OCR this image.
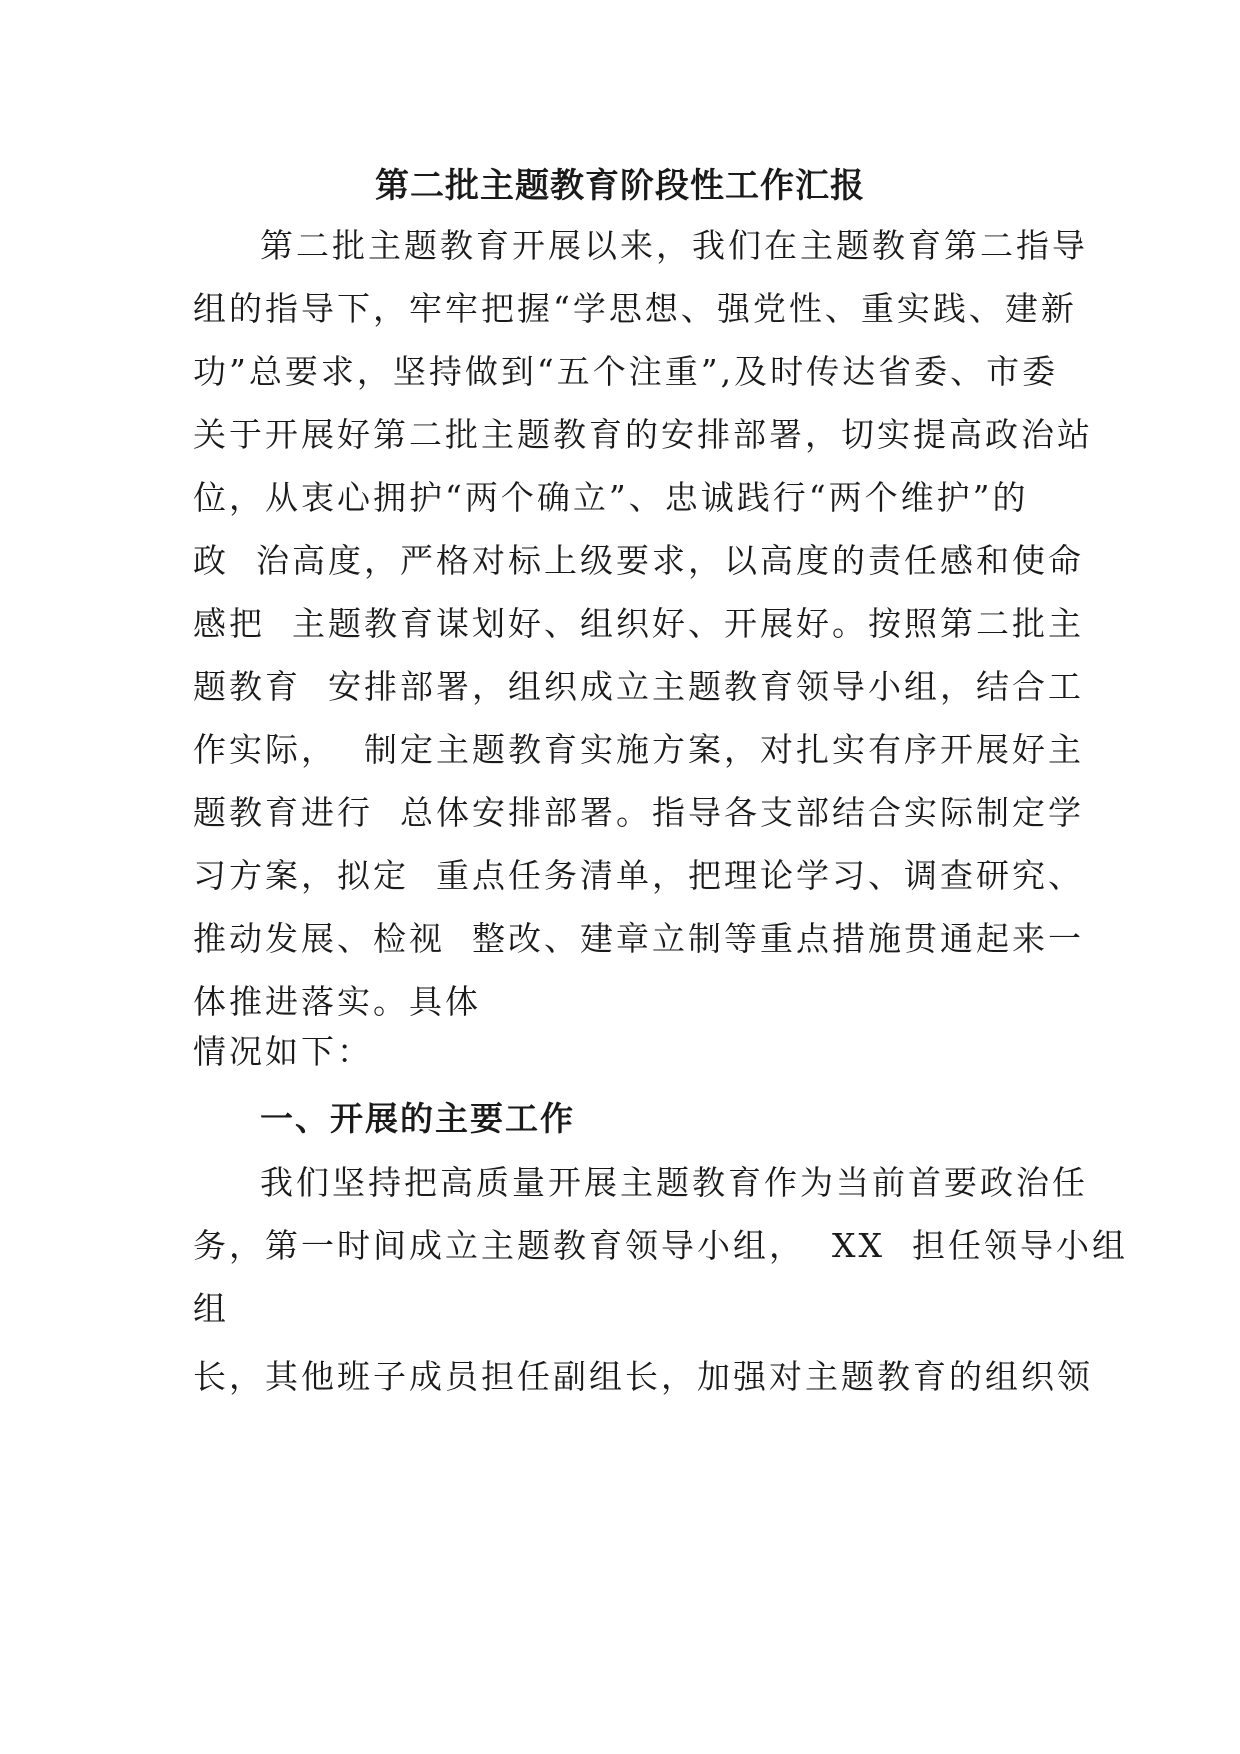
第二批主题教育阶段性工作汇报
第二批主题教育开展以来，我们在主题教育第二指导
组的指导下，牢牢把握“学思想、强党性、重实践、建新
功”总要求，坚持做到“五个注重”,及时传达省委、市委
关于开展好第二批主题教育的安排部署，切实提高政治站
位，从衷心拥护“两个确立”、忠诚践行“两个维护”的
政  治高度，严格对标上级要求，以高度的责任感和使命
感把  主题教育谋划好、组织好、开展好。按照第二批主
题教育  安排部署，组织成立主题教育领导小组，结合工
作实际，  制定主题教育实施方案，对扎实有序开展好主
题教育进行  总体安排部署。指导各支部结合实际制定学
习方案，拟定  重点任务清单，把理论学习、调查研究、
推动发展、检视  整改、建章立制等重点措施贯通起来一
体推进落实。具体
情况如下：
一、开展的主要工作
我们坚持把高质量开展主题教育作为当前首要政治任
务，第一时间成立主题教育领导小组，  XX  担任领导小组
组
长，其他班子成员担任副组长，加强对主题教育的组织领
